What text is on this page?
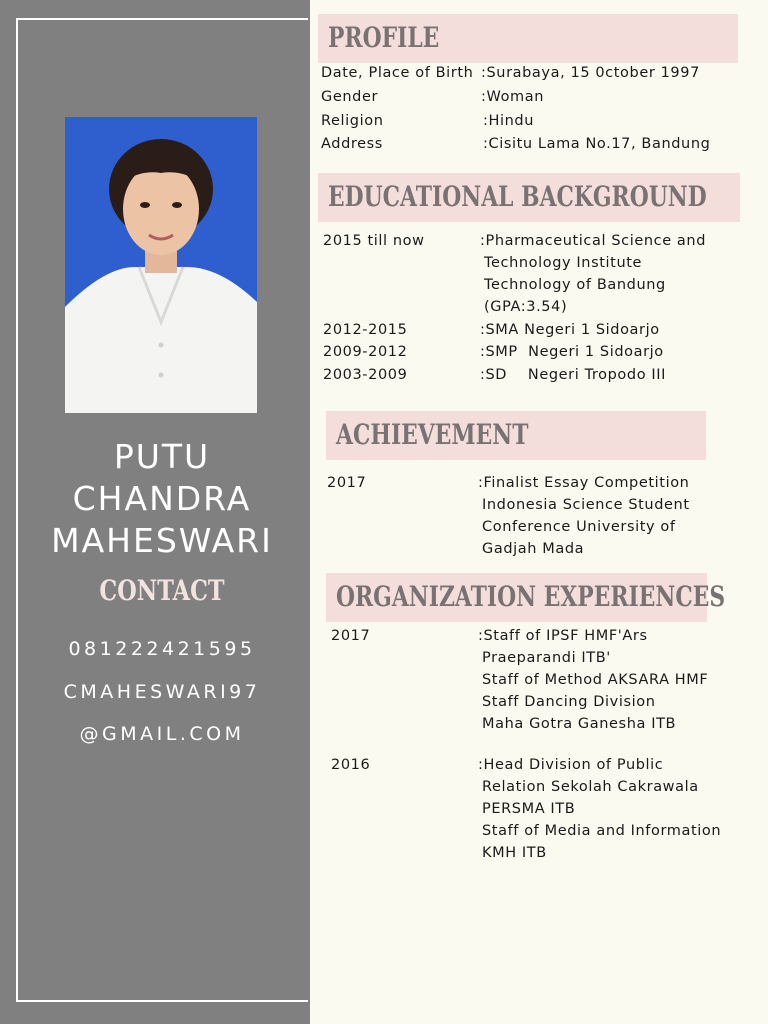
PUTU
CHANDRA
MAHESWARI
CONTACT
081222421595
CMAHESWARI97
@GMAIL.COM
PROFILE
Date, Place of Birth :Surabaya, 15 0ctober 1997
Gender	:Woman
Religion	:Hindu
Address	:Cisitu Lama No.17, Bandung
EDUCATIONAL BACKGROUND
2015 till now	:Pharmaceutical Science and
Technology Institute
Technology of Bandung
(GPA:3.54)
2012-2015	:SMA Negeri 1 Sidoarjo
2009-2012	:SMP  Negeri 1 Sidoarjo
2003-2009	:SD    Negeri Tropodo III
ACHIEVEMENT
2017	:Finalist Essay Competition
Indonesia Science Student
Conference University of
Gadjah Mada
ORGANIZATION EXPERIENCES
2017	:Staff of IPSF HMF'Ars
Praeparandi ITB'
Staff of Method AKSARA HMF
Staff Dancing Division
Maha Gotra Ganesha ITB
2016	:Head Division of Public
Relation Sekolah Cakrawala
PERSMA ITB
Staff of Media and Information
KMH ITB
